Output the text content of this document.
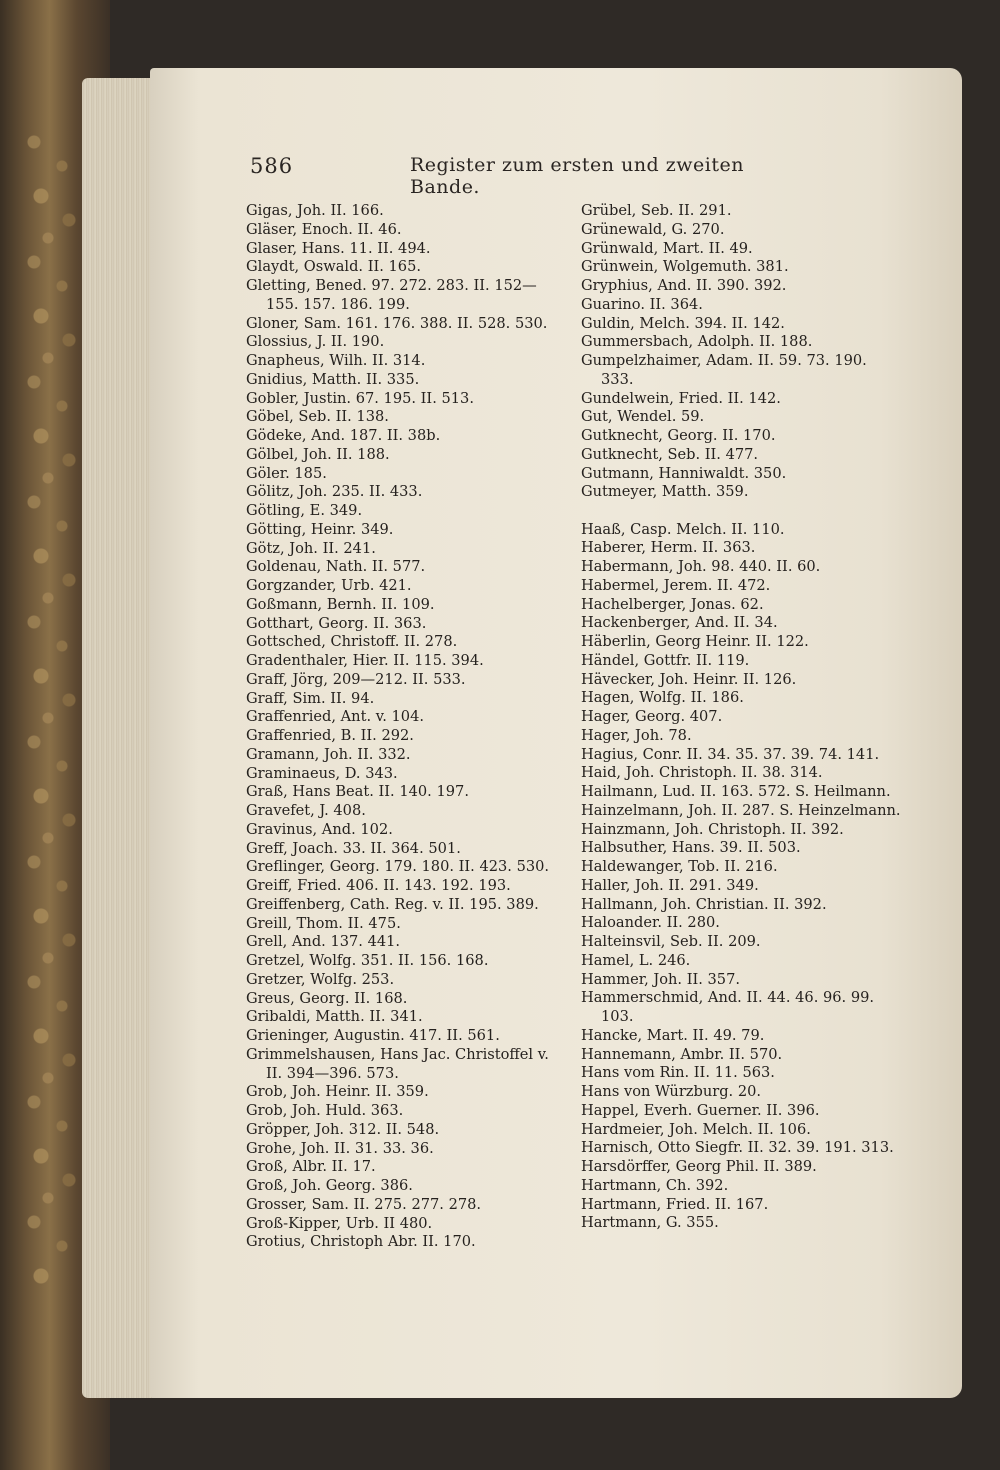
586	Register zum ersten und zweiten Bande.
Gigas, Joh. II. 166.
Gläser, Enoch. II. 46.
Glaser, Hans. 11. II. 494.
Glaydt, Oswald. II. 165.
Gletting, Bened. 97. 272. 283. II. 152—155. 157. 186. 199.
Gloner, Sam. 161. 176. 388. II. 528. 530.
Glossius, J. II. 190.
Gnapheus, Wilh. II. 314.
Gnidius, Matth. II. 335.
Gobler, Justin. 67. 195. II. 513.
Göbel, Seb. II. 138.
Gödeke, And. 187. II. 38b.
Gölbel, Joh. II. 188.
Göler. 185.
Gölitz, Joh. 235. II. 433.
Götling, E. 349.
Götting, Heinr. 349.
Götz, Joh. II. 241.
Goldenau, Nath. II. 577.
Gorgzander, Urb. 421.
Goßmann, Bernh. II. 109.
Gotthart, Georg. II. 363.
Gottsched, Christoff. II. 278.
Gradenthaler, Hier. II. 115. 394.
Graff, Jörg, 209—212. II. 533.
Graff, Sim. II. 94.
Graffenried, Ant. v. 104.
Graffenried, B. II. 292.
Gramann, Joh. II. 332.
Graminaeus, D. 343.
Graß, Hans Beat. II. 140. 197.
Gravefet, J. 408.
Gravinus, And. 102.
Greff, Joach. 33. II. 364. 501.
Greflinger, Georg. 179. 180. II. 423. 530.
Greiff, Fried. 406. II. 143. 192. 193.
Greiffenberg, Cath. Reg. v. II. 195. 389.
Greill, Thom. II. 475.
Grell, And. 137. 441.
Gretzel, Wolfg. 351. II. 156. 168.
Gretzer, Wolfg. 253.
Greus, Georg. II. 168.
Gribaldi, Matth. II. 341.
Grieninger, Augustin. 417. II. 561.
Grimmelshausen, Hans Jac. Christoffel v. II. 394—396. 573.
Grob, Joh. Heinr. II. 359.
Grob, Joh. Huld. 363.
Gröpper, Joh. 312. II. 548.
Grohe, Joh. II. 31. 33. 36.
Groß, Albr. II. 17.
Groß, Joh. Georg. 386.
Grosser, Sam. II. 275. 277. 278.
Groß-Kipper, Urb. II 480.
Grotius, Christoph Abr. II. 170.
Grübel, Seb. II. 291.
Grünewald, G. 270.
Grünwald, Mart. II. 49.
Grünwein, Wolgemuth. 381.
Gryphius, And. II. 390. 392.
Guarino. II. 364.
Guldin, Melch. 394. II. 142.
Gummersbach, Adolph. II. 188.
Gumpelzhaimer, Adam. II. 59. 73. 190. 333.
Gundelwein, Fried. II. 142.
Gut, Wendel. 59.
Gutknecht, Georg. II. 170.
Gutknecht, Seb. II. 477.
Gutmann, Hanniwaldt. 350.
Gutmeyer, Matth. 359.
Haaß, Casp. Melch. II. 110.
Haberer, Herm. II. 363.
Habermann, Joh. 98. 440. II. 60.
Habermel, Jerem. II. 472.
Hachelberger, Jonas. 62.
Hackenberger, And. II. 34.
Häberlin, Georg Heinr. II. 122.
Händel, Gottfr. II. 119.
Hävecker, Joh. Heinr. II. 126.
Hagen, Wolfg. II. 186.
Hager, Georg. 407.
Hager, Joh. 78.
Hagius, Conr. II. 34. 35. 37. 39. 74. 141.
Haid, Joh. Christoph. II. 38. 314.
Hailmann, Lud. II. 163. 572. S. Heilmann.
Hainzelmann, Joh. II. 287. S. Heinzelmann.
Hainzmann, Joh. Christoph. II. 392.
Halbsuther, Hans. 39. II. 503.
Haldewanger, Tob. II. 216.
Haller, Joh. II. 291. 349.
Hallmann, Joh. Christian. II. 392.
Haloander. II. 280.
Halteinsvil, Seb. II. 209.
Hamel, L. 246.
Hammer, Joh. II. 357.
Hammerschmid, And. II. 44. 46. 96. 99. 103.
Hancke, Mart. II. 49. 79.
Hannemann, Ambr. II. 570.
Hans vom Rin. II. 11. 563.
Hans von Würzburg. 20.
Happel, Everh. Guerner. II. 396.
Hardmeier, Joh. Melch. II. 106.
Harnisch, Otto Siegfr. II. 32. 39. 191. 313.
Harsdörffer, Georg Phil. II. 389.
Hartmann, Ch. 392.
Hartmann, Fried. II. 167.
Hartmann, G. 355.
